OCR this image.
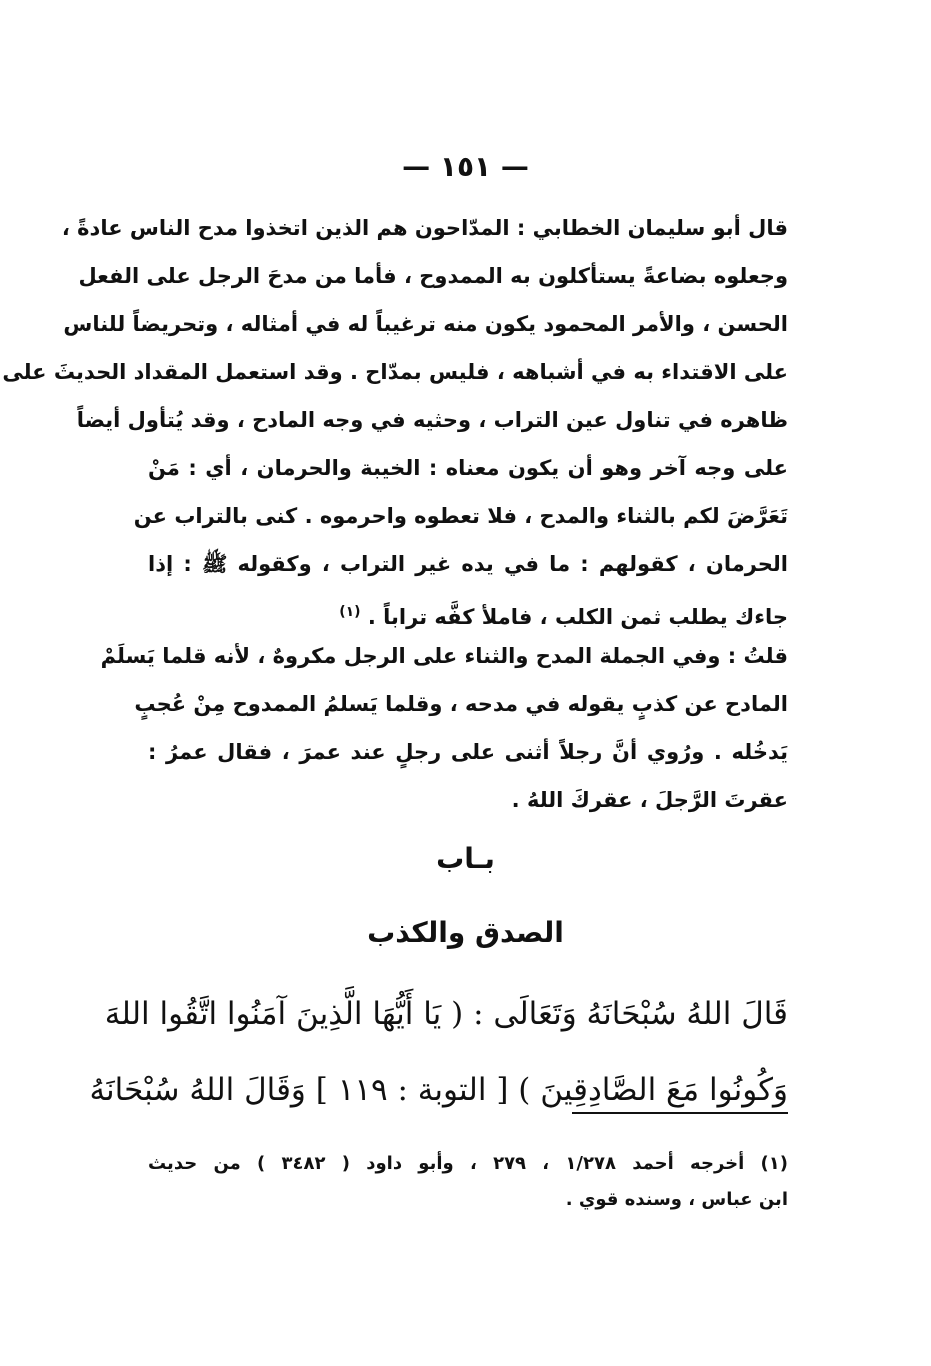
— ١٥١ —
قال أبو سليمان الخطابي : المدّاحون هم الذين اتخذوا مدح الناس عادةً ،
وجعلوه بضاعةً يستأكلون به الممدوح ، فأما من مدحَ الرجل على الفعل
الحسن ، والأمر المحمود يكون منه ترغيباً له في أمثاله ، وتحريضاً للناس
على الاقتداء به في أشباهه ، فليس بمدّاح . وقد استعمل المقداد الحديثَ على
ظاهره في تناول عين التراب ، وحثيه في وجه المادح ، وقد يُتأول أيضاً
على وجه آخر وهو أن يكون معناه : الخيبة والحرمان ، أي : مَنْ
تَعَرَّضَ لكم بالثناء والمدح ، فلا تعطوه واحرموه . كنى بالتراب عن
الحرمان ، كقولهم : ما في يده غير التراب ، وكقوله ﷺ : إذا
جاءك يطلب ثمن الكلب ، فاملأ كفَّه تراباً . $^{(١)}$
قلتُ : وفي الجملة المدح والثناء على الرجل مكروهٌ ، لأنه قلما يَسلَمْ
المادح عن كذبٍ يقوله في مدحه ، وقلما يَسلمُ الممدوح مِنْ عُجبٍ
يَدخُله . ورُوي أنَّ رجلاً أثنى على رجلٍ عند عمرَ ، فقال عمرُ :
عقرتَ الرَّجلَ ، عقركَ اللهُ .
بـاب
الصدق والكذب
قَالَ اللهُ سُبْحَانَهُ وَتَعَالَى : ( يَا أَيُّهَا الَّذِينَ آمَنُوا اتَّقُوا اللهَ
وَكُونُوا مَعَ الصَّادِقِينَ ) [ التوبة : ١١٩ ] وَقَالَ اللهُ سُبْحَانَهُ
(١) أخرجه أحمد ١/٢٧٨ ، ٢٧٩ ، وأبو داود ( ٣٤٨٢ ) من حديث
ابن عباس ، وسنده قوي .
